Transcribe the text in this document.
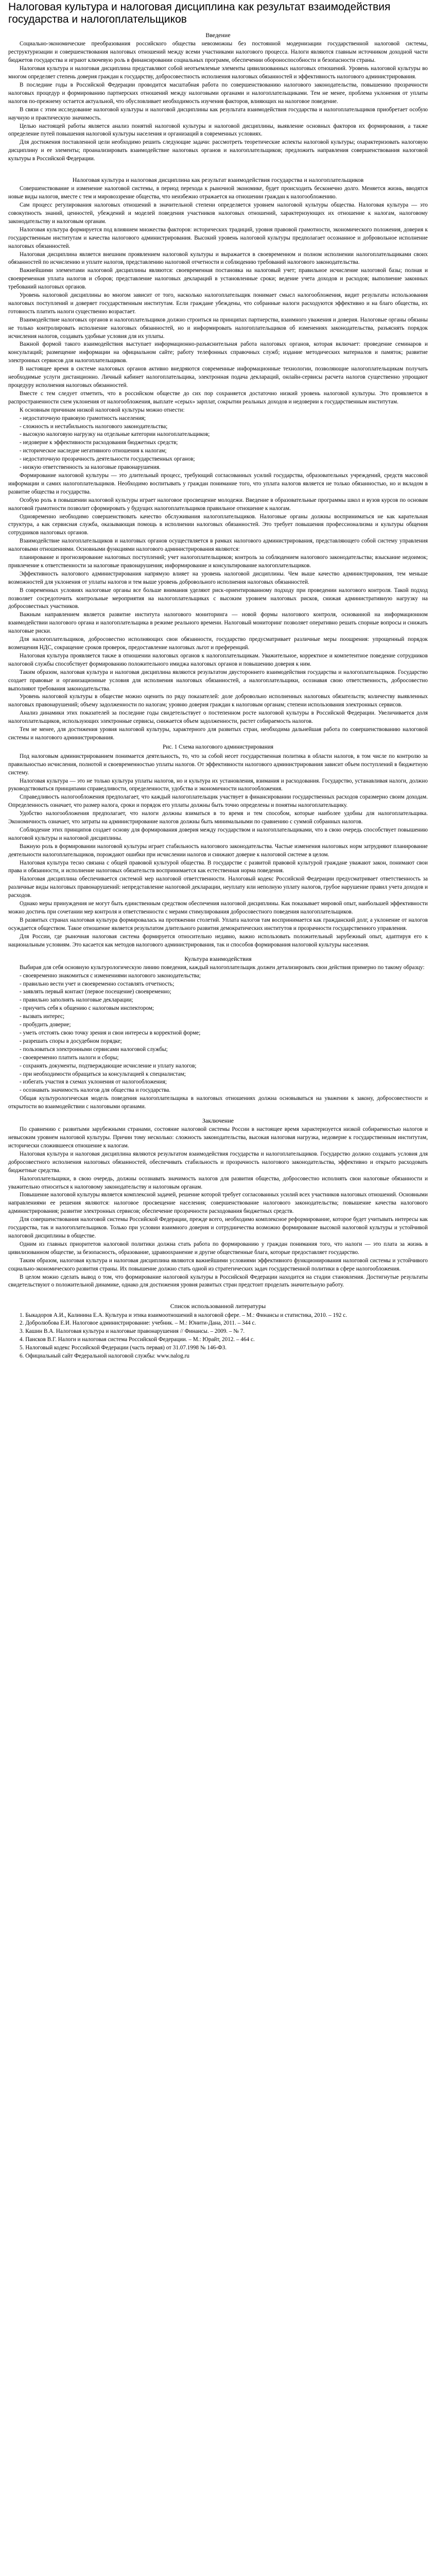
Налоговая культура и налоговая дисциплина как результат взаимодействия государства и налогоплательщиков
Введение

Социально-экономические преобразования российского общества невозможны без постоянной модернизации государственной налоговой системы, реструктуризации и совершенствования налоговых отношений между всеми участниками налогового процесса. Налоги являются главным источником доходной части бюджетов государства и играют ключевую роль в финансировании социальных программ, обеспечении обороноспособности и безопасности страны.

Налоговая культура и налоговая дисциплина представляют собой неотъемлемые элементы цивилизованных налоговых отношений. Уровень налоговой культуры во многом определяет степень доверия граждан к государству, добросовестность исполнения налоговых обязанностей и эффективность налогового администрирования.

В последние годы в Российской Федерации проводится масштабная работа по совершенствованию налогового законодательства, повышению прозрачности налоговых процедур и формированию партнерских отношений между налоговыми органами и налогоплательщиками. Тем не менее, проблема уклонения от уплаты налогов по-прежнему остается актуальной, что обусловливает необходимость изучения факторов, влияющих на налоговое поведение.

В связи с этим исследование налоговой культуры и налоговой дисциплины как результата взаимодействия государства и налогоплательщиков приобретает особую научную и практическую значимость.

Целью настоящей работы является анализ понятий налоговой культуры и налоговой дисциплины, выявление основных факторов их формирования, а также определение путей повышения налоговой культуры населения и организаций в современных условиях.

Для достижения поставленной цели необходимо решить следующие задачи: рассмотреть теоретические аспекты налоговой культуры; охарактеризовать налоговую дисциплину и ее элементы; проанализировать взаимодействие налоговых органов и налогоплательщиков; предложить направления совершенствования налоговой культуры в Российской Федерации.

Налоговая культура и налоговая дисциплина как результат взаимодействия государства и налогоплательщиков

Совершенствование и изменение налоговой системы, в период перехода к рыночной экономике, будет происходить бесконечно долго. Меняется жизнь, вводятся новые виды налогов, вместе с тем и мировоззрение общества, что неизбежно отражается на отношении граждан к налогообложению.

Сам процесс регулирования налоговых отношений в значительной степени определяется уровнем налоговой культуры общества. Налоговая культура — это совокупность знаний, ценностей, убеждений и моделей поведения участников налоговых отношений, характеризующих их отношение к налогам, налоговому законодательству и налоговым органам.

Налоговая культура формируется под влиянием множества факторов: исторических традиций, уровня правовой грамотности, экономического положения, доверия к государственным институтам и качества налогового администрирования. Высокий уровень налоговой культуры предполагает осознанное и добровольное исполнение налоговых обязанностей.

Налоговая дисциплина является внешним проявлением налоговой культуры и выражается в своевременном и полном исполнении налогоплательщиками своих обязанностей по исчислению и уплате налогов, представлению налоговой отчетности и соблюдению требований налогового законодательства.

Важнейшими элементами налоговой дисциплины являются: своевременная постановка на налоговый учет; правильное исчисление налоговой базы; полная и своевременная уплата налогов и сборов; представление налоговых деклараций в установленные сроки; ведение учета доходов и расходов; выполнение законных требований налоговых органов.

Уровень налоговой дисциплины во многом зависит от того, насколько налогоплательщик понимает смысл налогообложения, видит результаты использования налоговых поступлений и доверяет государственным институтам. Если граждане убеждены, что собранные налоги расходуются эффективно и на благо общества, их готовность платить налоги существенно возрастает.

Взаимодействие налоговых органов и налогоплательщиков должно строиться на принципах партнерства, взаимного уважения и доверия. Налоговые органы обязаны не только контролировать исполнение налоговых обязанностей, но и информировать налогоплательщиков об изменениях законодательства, разъяснять порядок исчисления налогов, создавать удобные условия для их уплаты.

Важной формой такого взаимодействия выступает информационно-разъяснительная работа налоговых органов, которая включает: проведение семинаров и консультаций; размещение информации на официальном сайте; работу телефонных справочных служб; издание методических материалов и памяток; развитие электронных сервисов для налогоплательщиков.

В настоящее время в системе налоговых органов активно внедряются современные информационные технологии, позволяющие налогоплательщикам получать необходимые услуги дистанционно. Личный кабинет налогоплательщика, электронная подача деклараций, онлайн-сервисы расчета налогов существенно упрощают процедуру исполнения налоговых обязанностей.

Вместе с тем следует отметить, что в российском обществе до сих пор сохраняется достаточно низкий уровень налоговой культуры. Это проявляется в распространенности схем уклонения от налогообложения, выплате «серых» зарплат, сокрытии реальных доходов и недоверии к государственным институтам.

К основным причинам низкой налоговой культуры можно отнести:

- недостаточную правовую грамотность населения;
- сложность и нестабильность налогового законодательства;
- высокую налоговую нагрузку на отдельные категории налогоплательщиков;
- недоверие к эффективности расходования бюджетных средств;
- историческое наследие негативного отношения к налогам;
- недостаточную прозрачность деятельности государственных органов;
- низкую ответственность за налоговые правонарушения.

Формирование налоговой культуры — это длительный процесс, требующий согласованных усилий государства, образовательных учреждений, средств массовой информации и самих налогоплательщиков. Необходимо воспитывать у граждан понимание того, что уплата налогов является не только обязанностью, но и вкладом в развитие общества и государства.

Особую роль в повышении налоговой культуры играет налоговое просвещение молодежи. Введение в образовательные программы школ и вузов курсов по основам налоговой грамотности позволит сформировать у будущих налогоплательщиков правильное отношение к налогам.

Одновременно необходимо совершенствовать качество обслуживания налогоплательщиков. Налоговые органы должны восприниматься не как карательная структура, а как сервисная служба, оказывающая помощь в исполнении налоговых обязанностей. Это требует повышения профессионализма и культуры общения сотрудников налоговых органов.

Взаимодействие налогоплательщиков и налоговых органов осуществляется в рамках налогового администрирования, представляющего собой систему управления налоговыми отношениями. Основными функциями налогового администрирования являются:

планирование и прогнозирование налоговых поступлений; учет налогоплательщиков; контроль за соблюдением налогового законодательства; взыскание недоимок; привлечение к ответственности за налоговые правонарушения; информирование и консультирование налогоплательщиков.

Эффективность налогового администрирования напрямую влияет на уровень налоговой дисциплины. Чем выше качество администрирования, тем меньше возможностей для уклонения от уплаты налогов и тем выше уровень добровольного исполнения налоговых обязанностей.

В современных условиях налоговые органы все больше внимания уделяют риск-ориентированному подходу при проведении налогового контроля. Такой подход позволяет сосредоточить контрольные мероприятия на налогоплательщиках с высоким уровнем налоговых рисков, снижая административную нагрузку на добросовестных участников.

Важным направлением является развитие института налогового мониторинга — новой формы налогового контроля, основанной на информационном взаимодействии налогового органа и налогоплательщика в режиме реального времени. Налоговый мониторинг позволяет оперативно решать спорные вопросы и снижать налоговые риски.

Для налогоплательщиков, добросовестно исполняющих свои обязанности, государство предусматривает различные меры поощрения: упрощенный порядок возмещения НДС, сокращение сроков проверок, предоставление налоговых льгот и преференций.

Налоговая культура проявляется также в отношении налоговых органов к налогоплательщикам. Уважительное, корректное и компетентное поведение сотрудников налоговой службы способствует формированию положительного имиджа налоговых органов и повышению доверия к ним.

Таким образом, налоговая культура и налоговая дисциплина являются результатом двустороннего взаимодействия государства и налогоплательщиков. Государство создает правовые и организационные условия для исполнения налоговых обязанностей, а налогоплательщики, осознавая свою ответственность, добросовестно выполняют требования законодательства.

Уровень налоговой культуры в обществе можно оценить по ряду показателей: доле добровольно исполненных налоговых обязательств; количеству выявленных налоговых правонарушений; объему задолженности по налогам; уровню доверия граждан к налоговым органам; степени использования электронных сервисов.

Анализ динамики этих показателей за последние годы свидетельствует о постепенном росте налоговой культуры в Российской Федерации. Увеличивается доля налогоплательщиков, использующих электронные сервисы, снижается объем задолженности, растет собираемость налогов.

Тем не менее, для достижения уровня налоговой культуры, характерного для развитых стран, необходима дальнейшая работа по совершенствованию налоговой системы и налогового администрирования.

Рис. 1 Схема налогового администрирования

Под налоговым администрированием понимается деятельность, то, что за собой несет государственная политика в области налогов, в том числе по контролю за правильностью исчисления, полнотой и своевременностью уплаты налогов. От эффективности налогового администрирования зависит объем поступлений в бюджетную систему.

Налоговая культура — это не только культура уплаты налогов, но и культура их установления, взимания и расходования. Государство, устанавливая налоги, должно руководствоваться принципами справедливости, определенности, удобства и экономичности налогообложения.

Справедливость налогообложения предполагает, что каждый налогоплательщик участвует в финансировании государственных расходов соразмерно своим доходам. Определенность означает, что размер налога, сроки и порядок его уплаты должны быть точно определены и понятны налогоплательщику.

Удобство налогообложения предполагает, что налоги должны взиматься в то время и тем способом, которые наиболее удобны для налогоплательщика. Экономичность означает, что затраты на администрирование налогов должны быть минимальными по сравнению с суммой собранных налогов.

Соблюдение этих принципов создает основу для формирования доверия между государством и налогоплательщиками, что в свою очередь способствует повышению налоговой культуры и налоговой дисциплины.

Важную роль в формировании налоговой культуры играет стабильность налогового законодательства. Частые изменения налоговых норм затрудняют планирование деятельности налогоплательщиков, порождают ошибки при исчислении налогов и снижают доверие к налоговой системе в целом.

Налоговая культура тесно связана с общей правовой культурой общества. В государстве с развитой правовой культурой граждане уважают закон, понимают свои права и обязанности, и исполнение налоговых обязательств воспринимается как естественная норма поведения.

Налоговая дисциплина обеспечивается системой мер налоговой ответственности. Налоговый кодекс Российской Федерации предусматривает ответственность за различные виды налоговых правонарушений: непредставление налоговой декларации, неуплату или неполную уплату налогов, грубое нарушение правил учета доходов и расходов.

Однако меры принуждения не могут быть единственным средством обеспечения налоговой дисциплины. Как показывает мировой опыт, наибольшей эффективности можно достичь при сочетании мер контроля и ответственности с мерами стимулирования добросовестного поведения налогоплательщиков.

В развитых странах налоговая культура формировалась на протяжении столетий. Уплата налогов там воспринимается как гражданский долг, а уклонение от налогов осуждается обществом. Такое отношение является результатом длительного развития демократических институтов и прозрачности государственного управления.

Для России, где рыночная налоговая система формируется относительно недавно, важно использовать положительный зарубежный опыт, адаптируя его к национальным условиям. Это касается как методов налогового администрирования, так и способов формирования налоговой культуры населения.

Культура взаимодействия

Выбирая для себя основную культурологическую линию поведения, каждый налогоплательщик должен детализировать свои действия примерно по такому образцу:

- своевременно знакомиться с изменениями налогового законодательства;
- правильно вести учет и своевременно составлять отчетность;
- заявлять первый контакт (первое посещение) своевременно;
- правильно заполнять налоговые декларации;
- приучить себя к общению с налоговым инспектором;
- вызвать интерес;
- пробудить доверие;
- уметь отстоять свою точку зрения и свои интересы в корректной форме;
- разрешать споры в досудебном порядке;
- пользоваться электронными сервисами налоговой службы;
- своевременно платить налоги и сборы;
- сохранять документы, подтверждающие исчисление и уплату налогов;
- при необходимости обращаться за консультацией к специалистам;
- избегать участия в схемах уклонения от налогообложения;
- осознавать значимость налогов для общества и государства.

Общая культурологическая модель поведения налогоплательщика в налоговых отношениях должна основываться на уважении к закону, добросовестности и открытости во взаимодействии с налоговыми органами.

Заключение

По сравнению с развитыми зарубежными странами, состояние налоговой системы России в настоящее время характеризуется низкой собираемостью налогов и невысоким уровнем налоговой культуры. Причин тому несколько: сложность законодательства, высокая налоговая нагрузка, недоверие к государственным институтам, исторически сложившееся отношение к налогам.

Налоговая культура и налоговая дисциплина являются результатом взаимодействия государства и налогоплательщиков. Государство должно создавать условия для добросовестного исполнения налоговых обязанностей, обеспечивать стабильность и прозрачность налогового законодательства, эффективно и открыто расходовать бюджетные средства.

Налогоплательщики, в свою очередь, должны осознавать значимость налогов для развития общества, добросовестно исполнять свои налоговые обязанности и уважительно относиться к налоговому законодательству и налоговым органам.

Повышение налоговой культуры является комплексной задачей, решение которой требует согласованных усилий всех участников налоговых отношений. Основными направлениями ее решения являются: налоговое просвещение населения; совершенствование налогового законодательства; повышение качества налогового администрирования; развитие электронных сервисов; обеспечение прозрачности расходования бюджетных средств.

Для совершенствования налоговой системы Российской Федерации, прежде всего, необходимо комплексное реформирование, которое будет учитывать интересы как государства, так и налогоплательщиков. Только при условии взаимного доверия и сотрудничества возможно формирование высокой налоговой культуры и устойчивой налоговой дисциплины в обществе.

Одним из главных приоритетов налоговой политики должна стать работа по формированию у граждан понимания того, что налоги — это плата за жизнь в цивилизованном обществе, за безопасность, образование, здравоохранение и другие общественные блага, которые предоставляет государство.

Таким образом, налоговая культура и налоговая дисциплина являются важнейшими условиями эффективного функционирования налоговой системы и устойчивого социально-экономического развития страны. Их повышение должно стать одной из стратегических задач государственной политики в сфере налогообложения.

В целом можно сделать вывод о том, что формирование налоговой культуры в Российской Федерации находится на стадии становления. Достигнутые результаты свидетельствуют о положительной динамике, однако для достижения уровня развитых стран предстоит проделать значительную работу.

Список использованной литературы
1. Быкадоров А.И., Калинина Е.А. Культура и этика взаимоотношений в налоговой сфере. – М.: Финансы и статистика, 2010. – 192 с.
2. Добролюбова Е.И. Налоговое администрирование: учебник. – М.: Юнити-Дана, 2011. – 344 с.
3. Кашин В.А. Налоговая культура и налоговые правонарушения // Финансы. – 2009. – № 7.
4. Пансков В.Г. Налоги и налоговая система Российской Федерации. – М.: Юрайт, 2012. – 464 с.
5. Налоговый кодекс Российской Федерации (часть первая) от 31.07.1998 № 146-ФЗ.
6. Официальный сайт Федеральной налоговой службы: www.nalog.ru
